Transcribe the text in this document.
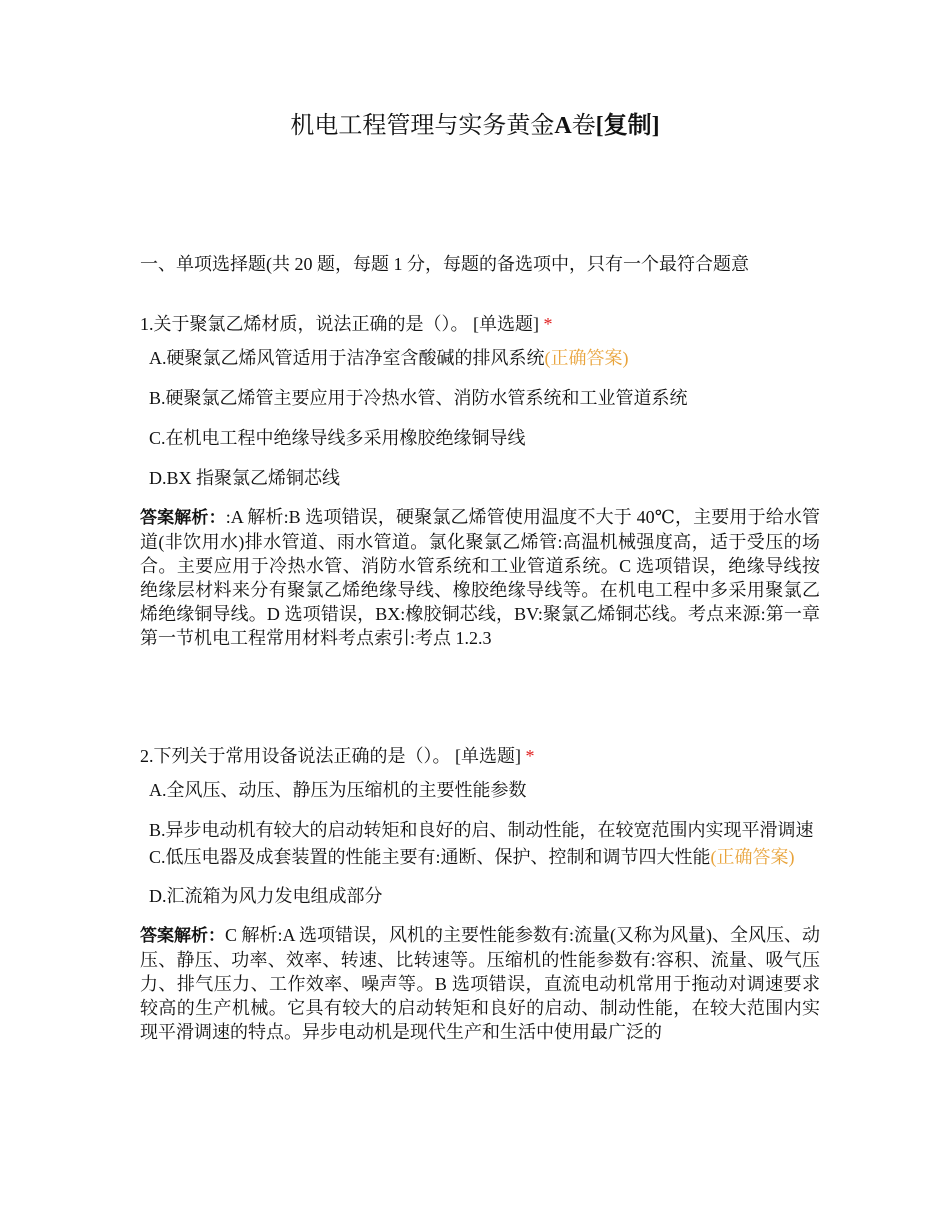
机电工程管理与实务黄金A卷[复制]
一、单项选择题(共 20 题，每题 1 分，每题的备选项中，只有一个最符合题意

1.关于聚氯乙烯材质，说法正确的是（）。 [单选题] *

A.硬聚氯乙烯风管适用于洁净室含酸碱的排风系统(正确答案)
B.硬聚氯乙烯管主要应用于冷热水管、消防水管系统和工业管道系统
C.在机电工程中绝缘导线多采用橡胶绝缘铜导线
D.BX 指聚氯乙烯铜芯线

答案解析：:A 解析:B 选项错误，硬聚氯乙烯管使用温度不大于 40℃，主要用于给水管道(非饮用水)排水管道、雨水管道。氯化聚氯乙烯管:高温机械强度高，适于受压的场合。主要应用于冷热水管、消防水管系统和工业管道系统。C 选项错误，绝缘导线按绝缘层材料来分有聚氯乙烯绝缘导线、橡胶绝缘导线等。在机电工程中多采用聚氯乙烯绝缘铜导线。D 选项错误，BX:橡胶铜芯线，BV:聚氯乙烯铜芯线。考点来源:第一章第一节机电工程常用材料考点索引:考点 1.2.3

2.下列关于常用设备说法正确的是（）。 [单选题] *

A.全风压、动压、静压为压缩机的主要性能参数
B.异步电动机有较大的启动转矩和良好的启、制动性能，在较宽范围内实现平滑调速
C.低压电器及成套装置的性能主要有:通断、保护、控制和调节四大性能(正确答案)
D.汇流箱为风力发电组成部分

答案解析：C 解析:A 选项错误，风机的主要性能参数有:流量(又称为风量)、全风压、动压、静压、功率、效率、转速、比转速等。压缩机的性能参数有:容积、流量、吸气压力、排气压力、工作效率、噪声等。B 选项错误，直流电动机常用于拖动对调速要求较高的生产机械。它具有较大的启动转矩和良好的启动、制动性能，在较大范围内实现平滑调速的特点。异步电动机是现代生产和生活中使用最广泛的
